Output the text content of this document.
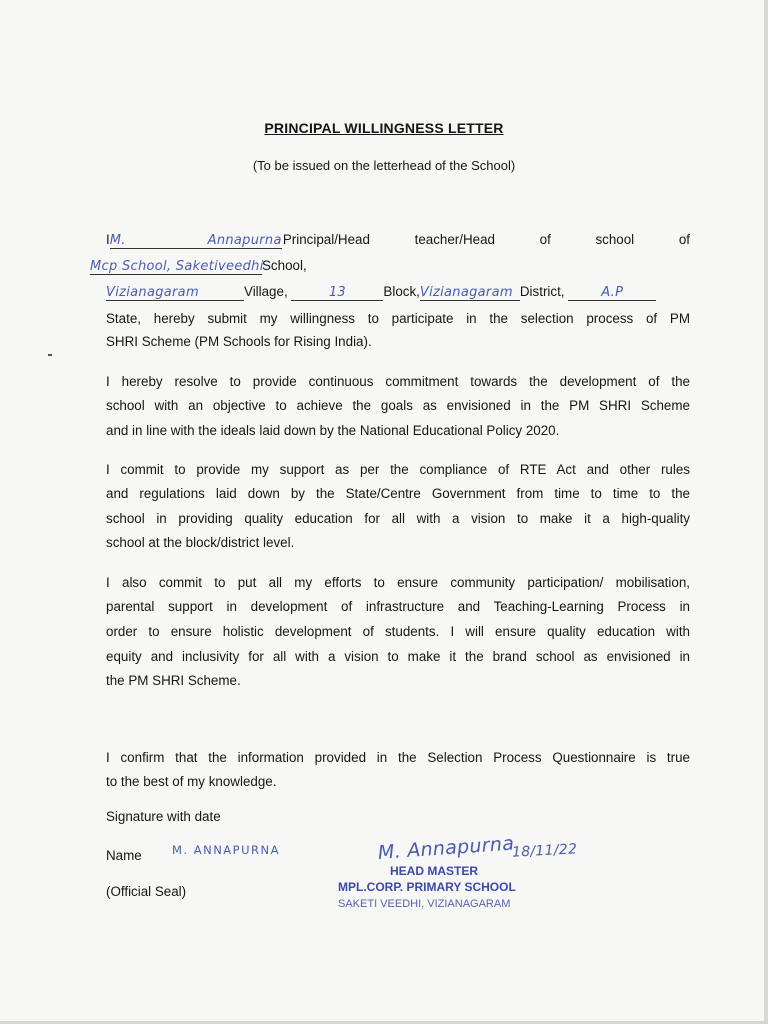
PRINCIPAL WILLINGNESS LETTER
(To be issued on the letterhead of the School)
IM. Annapurna Principal/Head	teacher/Head	of	school	of
Mcp School, SaketiveedhiSchool,
Vizianagaram	Village,	13	Block,Vizianagaram District,	A.P
State, hereby submit my willingness to participate in the selection process of PM
SHRI Scheme (PM Schools for Rising India).
I hereby resolve to provide continuous commitment towards the development of the
school with an objective to achieve the goals as envisioned in the PM SHRI Scheme
and in line with the ideals laid down by the National Educational Policy 2020.
I commit to provide my support as per the compliance of RTE Act and other rules
and regulations laid down by the State/Centre Government from time to time to the
school in providing quality education for all with a vision to make it a high-quality
school at the block/district level.
I also commit to put all my efforts to ensure community participation/ mobilisation,
parental support in development of infrastructure and Teaching-Learning Process in
order to ensure holistic development of students. I will ensure quality education with
equity and inclusivity for all with a vision to make it the brand school as envisioned in
the PM SHRI Scheme.
I confirm that the information provided in the Selection Process Questionnaire is true
to the best of my knowledge.
Signature with date
Name	M. ANNAPURNA
(Official Seal)
M. Annapurna
18/11/22
HEAD MASTER
MPL.CORP. PRIMARY SCHOOL
SAKETI VEEDHI, VIZIANAGARAM
